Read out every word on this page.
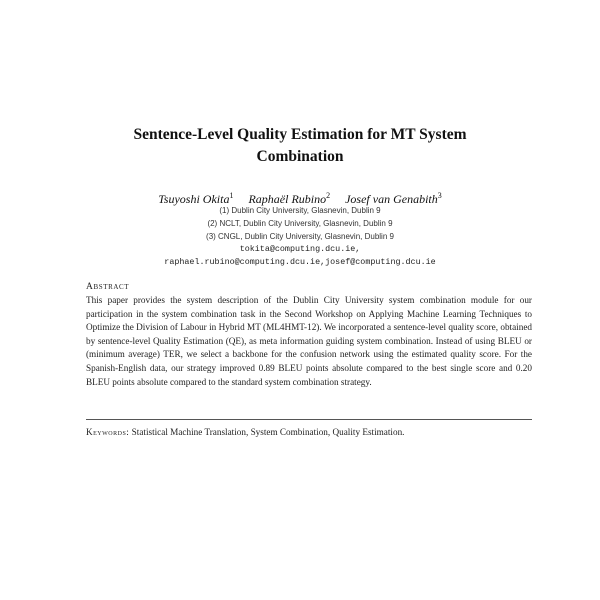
Sentence-Level Quality Estimation for MT System
Combination
Tsuyoshi Okita$^1$ Raphaël Rubino$^2$ Josef van Genabith$^3$
(1) Dublin City University, Glasnevin, Dublin 9
(2) NCLT, Dublin City University, Glasnevin, Dublin 9
(3) CNGL, Dublin City University, Glasnevin, Dublin 9
tokita@computing.dcu.ie,
raphael.rubino@computing.dcu.ie,josef@computing.dcu.ie
Abstract
This paper provides the system description of the Dublin City University system combination module for our participation in the system combination task in the Second Workshop on Applying Machine Learning Techniques to Optimize the Division of Labour in Hybrid MT (ML4HMT-12). We incorporated a sentence-level quality score, obtained by sentence-level Quality Estimation (QE), as meta information guiding system combination. Instead of using BLEU or (minimum average) TER, we select a backbone for the confusion network using the estimated quality score. For the Spanish-English data, our strategy improved 0.89 BLEU points absolute compared to the best single score and 0.20 BLEU points absolute compared to the standard system combination strategy.
Keywords: Statistical Machine Translation, System Combination, Quality Estimation.
